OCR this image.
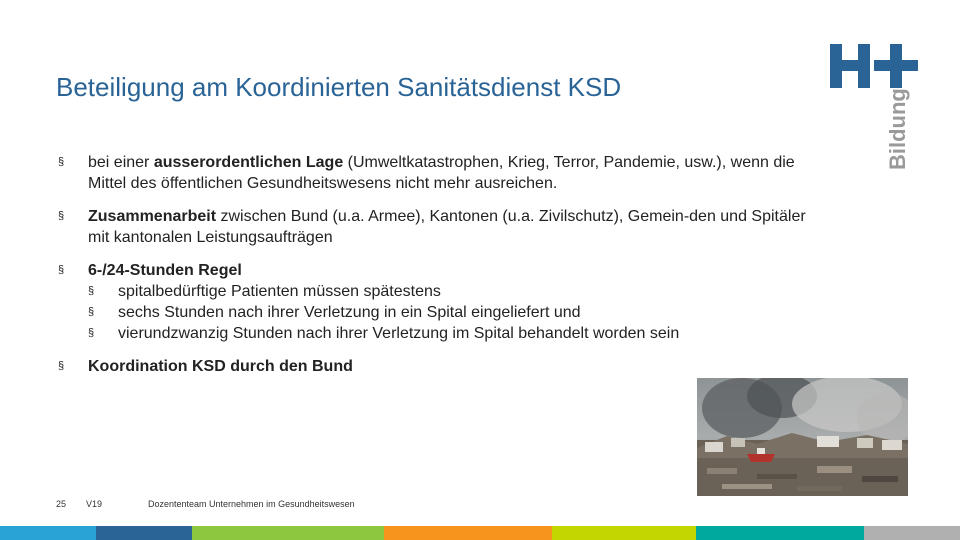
Beteiligung am Koordinierten Sanitätsdienst KSD
Bildung
§ bei einer ausserordentlichen Lage (Umweltkatastrophen, Krieg, Terror, Pandemie, usw.), wenn die Mittel des öffentlichen Gesundheitswesens nicht mehr ausreichen.
§ Zusammenarbeit zwischen Bund (u.a. Armee), Kantonen (u.a. Zivilschutz), Gemein-den und Spitäler mit kantonalen Leistungsaufträgen
§ 6-/24-Stunden Regel
§ spitalbedürftige Patienten müssen spätestens
§ sechs Stunden nach ihrer Verletzung in ein Spital eingeliefert und
§ vierundzwanzig Stunden nach ihrer Verletzung im Spital behandelt worden sein
§ Koordination KSD durch den Bund
25 V19	Dozententeam Unternehmen im Gesundheitswesen
